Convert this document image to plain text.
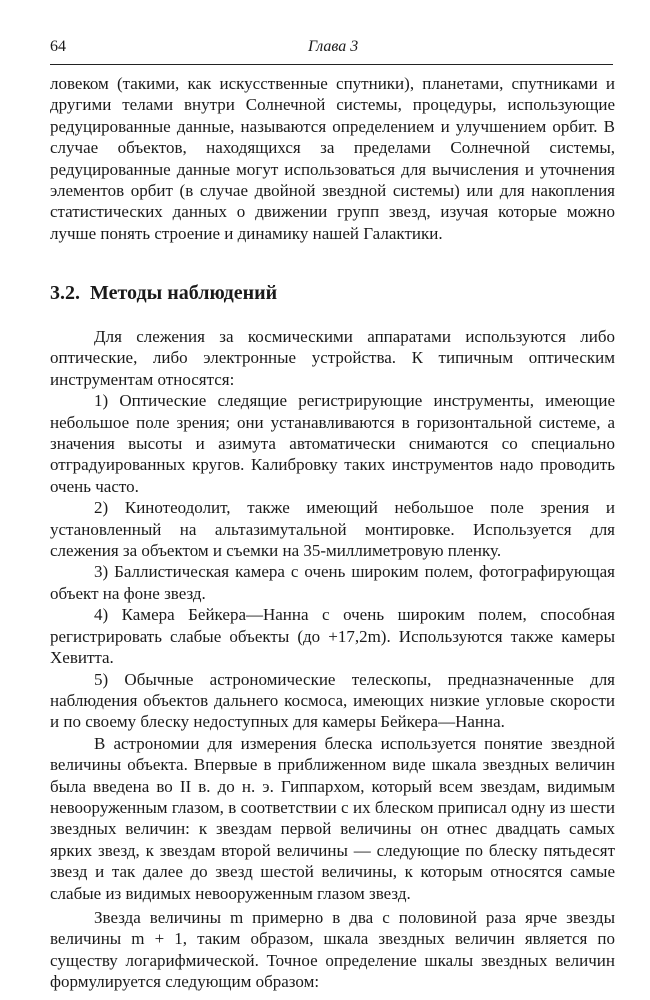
64	Глава 3

ловеком (такими, как искусственные спутники), планетами, спутниками и другими телами внутри Солнечной системы, процедуры, использующие редуцированные данные, называются определением и улучшением орбит. В случае объектов, находящихся за пределами Солнечной системы, редуцированные данные могут использоваться для вычисления и уточнения элементов орбит (в случае двойной звездной системы) или для накопления статистических данных о движении групп звезд, изучая которые можно лучше понять строение и динамику нашей Галактики.

3.2. Методы наблюдений

Для слежения за космическими аппаратами используются либо оптические, либо электронные устройства. К типичным оптическим инструментам относятся:

1) Оптические следящие регистрирующие инструменты, имеющие небольшое поле зрения; они устанавливаются в горизонтальной системе, а значения высоты и азимута автоматически снимаются со специально отградуированных кругов. Калибровку таких инструментов надо проводить очень часто.

2) Кинотеодолит, также имеющий небольшое поле зрения и установленный на альтазимутальной монтировке. Используется для слежения за объектом и съемки на 35-миллиметровую пленку.

3) Баллистическая камера с очень широким полем, фотографирующая объект на фоне звезд.

4) Камера Бейкера—Нанна с очень широким полем, способная регистрировать слабые объекты (до +17,2m). Используются также камеры Хевитта.

5) Обычные астрономические телескопы, предназначенные для наблюдения объектов дальнего космоса, имеющих низкие угловые скорости и по своему блеску недоступных для камеры Бейкера—Нанна.

В астрономии для измерения блеска используется понятие звездной величины объекта. Впервые в приближенном виде шкала звездных величин была введена во II в. до н. э. Гиппархом, который всем звездам, видимым невооруженным глазом, в соответствии с их блеском приписал одну из шести звездных величин: к звездам первой величины он отнес двадцать самых ярких звезд, к звездам второй величины — следующие по блеску пятьдесят звезд и так далее до звезд шестой величины, к которым относятся самые слабые из видимых невооруженным глазом звезд.

Звезда величины m примерно в два с половиной раза ярче звезды величины m + 1, таким образом, шкала звездных величин является по существу логарифмической. Точное определение шкалы звездных величин формулируется следующим образом:
